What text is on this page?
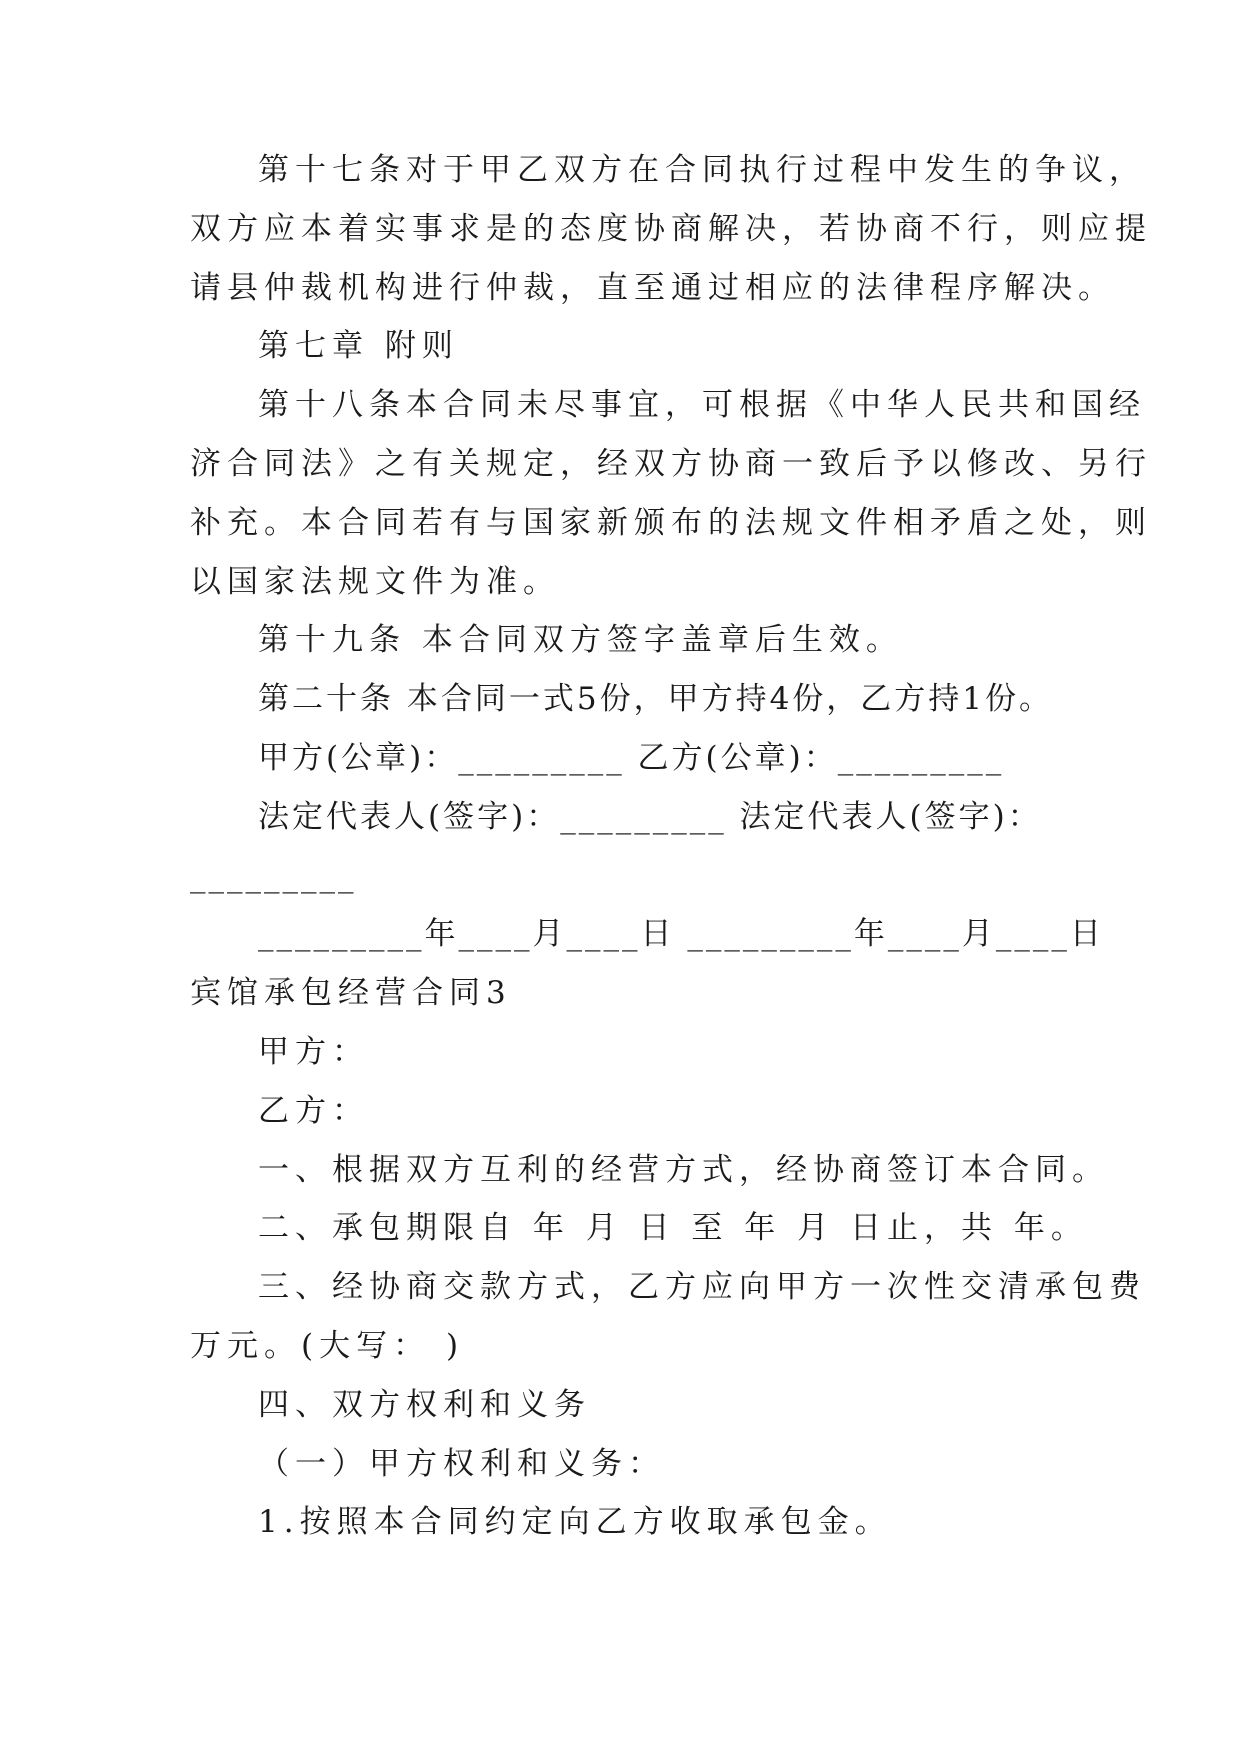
第十七条对于甲乙双方在合同执行过程中发生的争议，
双方应本着实事求是的态度协商解决，若协商不行，则应提
请县仲裁机构进行仲裁，直至通过相应的法律程序解决。
第七章 附则
第十八条本合同未尽事宜，可根据《中华人民共和国经
济合同法》之有关规定，经双方协商一致后予以修改、另行
补充。本合同若有与国家新颁布的法规文件相矛盾之处，则
以国家法规文件为准。
第十九条 本合同双方签字盖章后生效。
第二十条 本合同一式5份，甲方持4份，乙方持1份。
甲方(公章)：_________ 乙方(公章)：_________
法定代表人(签字)：_________ 法定代表人(签字)：
_________
_________年____月____日 _________年____月____日
宾馆承包经营合同3
甲方：
乙方：
一、根据双方互利的经营方式，经协商签订本合同。
二、承包期限自 年 月 日 至 年 月 日止，共 年。
三、经协商交款方式，乙方应向甲方一次性交清承包费
万元。(大写： )
四、双方权利和义务
（一）甲方权利和义务：
1.按照本合同约定向乙方收取承包金。
